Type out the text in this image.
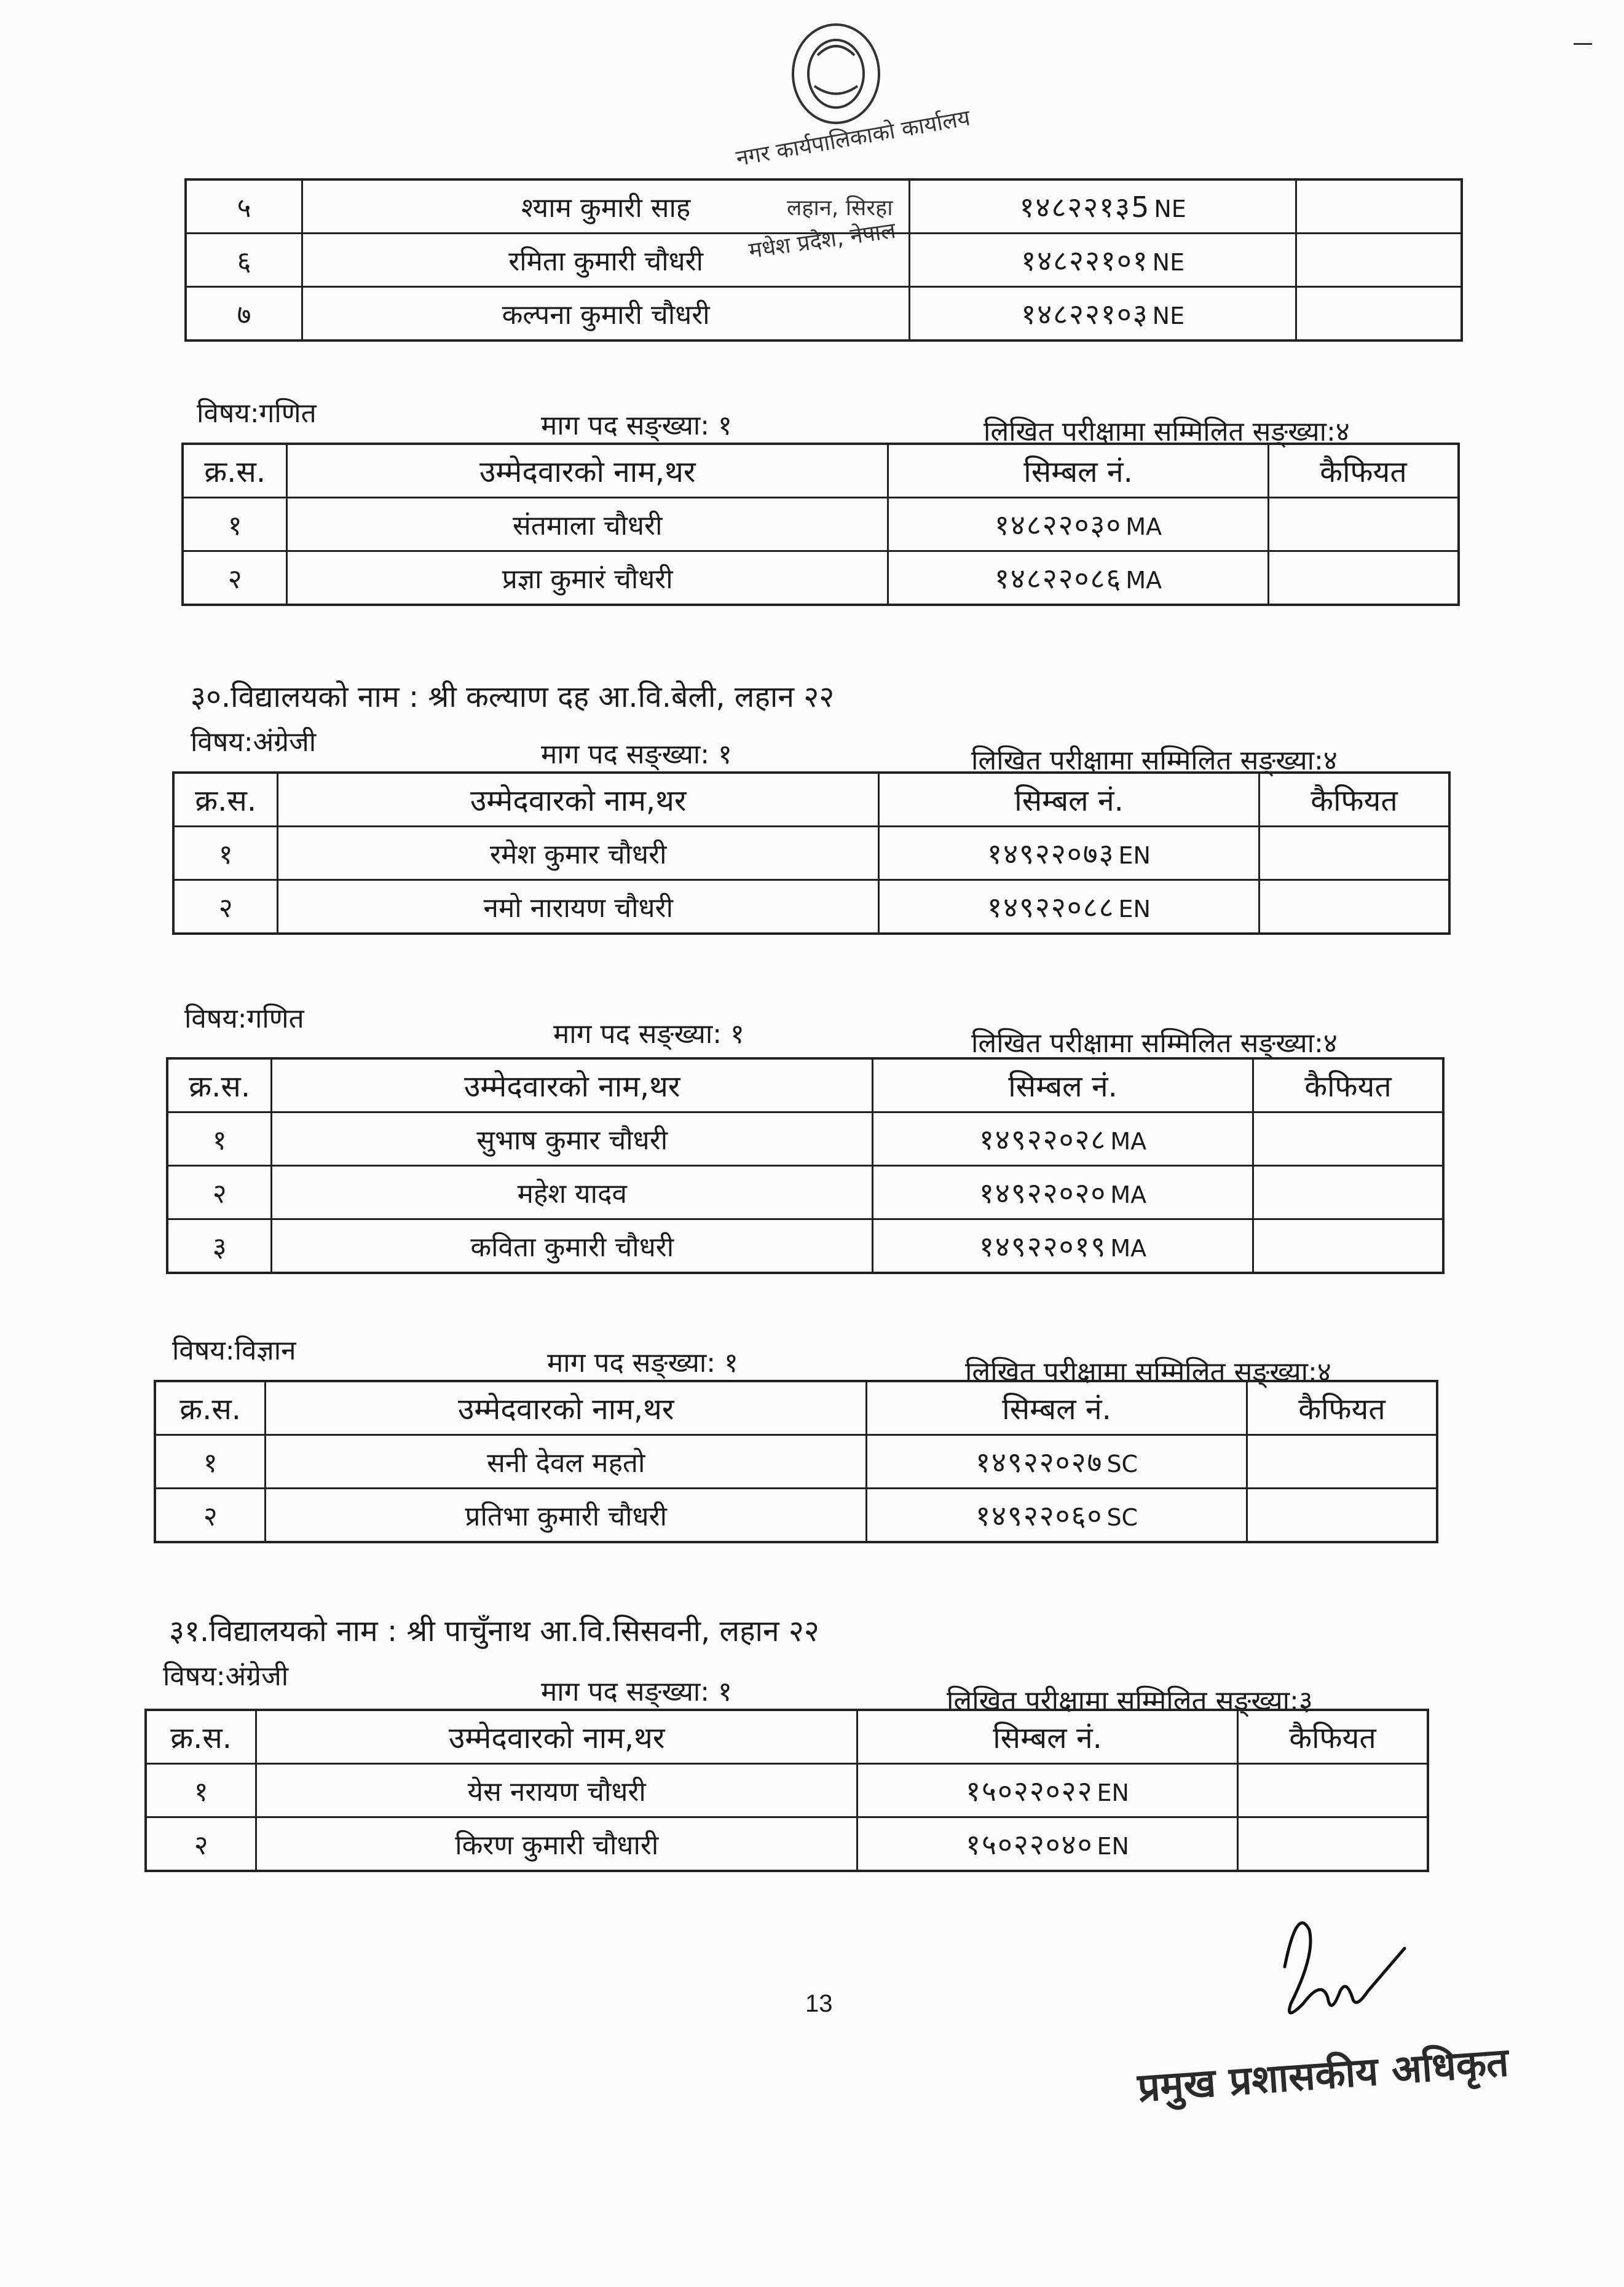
नगर कार्यपालिकाको कार्यालय
लहान, सिरहा
मधेश प्रदेश, नेपाल
५	श्याम कुमारी साह	१४८२२१३5 NE	
६	रमिता कुमारी चौधरी	१४८२२१०१ NE	
७	कल्पना कुमारी चौधरी	१४८२२१०३ NE	
विषय:गणित	माग पद सङ्ख्या: १	लिखित परीक्षामा सम्मिलित सङ्ख्या:४
क्र.स.	उम्मेदवारको नाम,थर	सिम्बल नं.	कैफियत
१	संतमाला चौधरी	१४८२२०३० MA	
२	प्रज्ञा कुमारं चौधरी	१४८२२०८६ MA	
३०.विद्यालयको नाम : श्री कल्याण दह आ.वि.बेली, लहान २२
विषय:अंग्रेजी	माग पद सङ्ख्या: १	लिखित परीक्षामा सम्मिलित सङ्ख्या:४
क्र.स.	उम्मेदवारको नाम,थर	सिम्बल नं.	कैफियत
१	रमेश कुमार चौधरी	१४९२२०७३ EN	
२	नमो नारायण चौधरी	१४९२२०८८ EN	
विषय:गणित	माग पद सङ्ख्या: १	लिखित परीक्षामा सम्मिलित सङ्ख्या:४
क्र.स.	उम्मेदवारको नाम,थर	सिम्बल नं.	कैफियत
१	सुभाष कुमार चौधरी	१४९२२०२८ MA	
२	महेश यादव	१४९२२०२० MA	
३	कविता कुमारी चौधरी	१४९२२०१९ MA	
विषय:विज्ञान	माग पद सङ्ख्या: १	लिखित परीक्षामा सम्मिलित सङ्ख्या:४
क्र.स.	उम्मेदवारको नाम,थर	सिम्बल नं.	कैफियत
१	सनी देवल महतो	१४९२२०२७ SC	
२	प्रतिभा कुमारी चौधरी	१४९२२०६० SC	
३१.विद्यालयको नाम : श्री पाचुँनाथ आ.वि.सिसवनी, लहान २२
विषय:अंग्रेजी	माग पद सङ्ख्या: १	लिखित परीक्षामा सम्मिलित सङ्ख्या:३
क्र.स.	उम्मेदवारको नाम,थर	सिम्बल नं.	कैफियत
१	येस नरायण चौधरी	१५०२२०२२ EN	
२	किरण कुमारी चौधारी	१५०२२०४० EN	
13
प्रमुख प्रशासकीय अधिकृत
